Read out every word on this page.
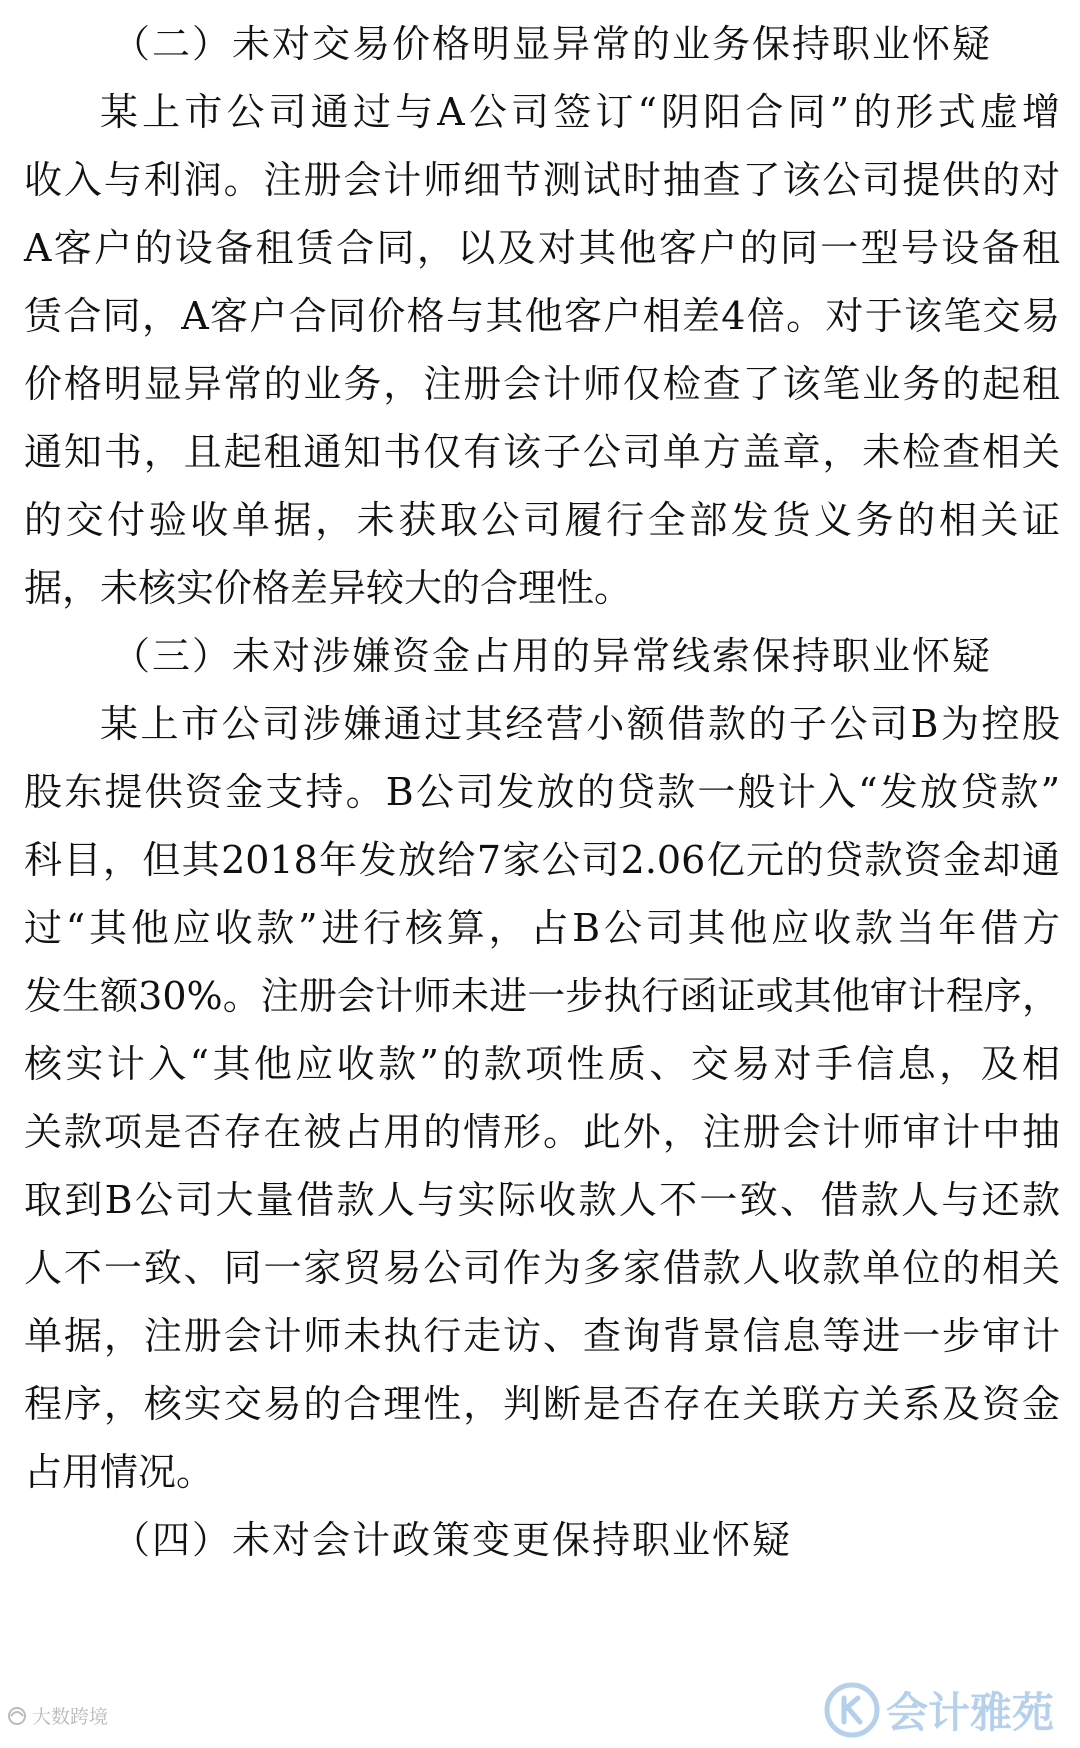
（二）未对交易价格明显异常的业务保持职业怀疑

某上市公司通过与A公司签订“阴阳合同”的形式虚增
收入与利润。注册会计师细节测试时抽查了该公司提供的对
A客户的设备租赁合同，以及对其他客户的同一型号设备租
赁合同，A客户合同价格与其他客户相差4倍。对于该笔交易
价格明显异常的业务，注册会计师仅检查了该笔业务的起租
通知书，且起租通知书仅有该子公司单方盖章，未检查相关
的交付验收单据，未获取公司履行全部发货义务的相关证
据，未核实价格差异较大的合理性。

（三）未对涉嫌资金占用的异常线索保持职业怀疑

某上市公司涉嫌通过其经营小额借款的子公司B为控股
股东提供资金支持。B公司发放的贷款一般计入“发放贷款”
科目，但其2018年发放给7家公司2.06亿元的贷款资金却通
过“其他应收款”进行核算，占B公司其他应收款当年借方
发生额30%。注册会计师未进一步执行函证或其他审计程序，
核实计入“其他应收款”的款项性质、交易对手信息，及相
关款项是否存在被占用的情形。此外，注册会计师审计中抽
取到B公司大量借款人与实际收款人不一致、借款人与还款
人不一致、同一家贸易公司作为多家借款人收款单位的相关
单据，注册会计师未执行走访、查询背景信息等进一步审计
程序，核实交易的合理性，判断是否存在关联方关系及资金
占用情况。

（四）未对会计政策变更保持职业怀疑
大数跨境	会计雅苑
